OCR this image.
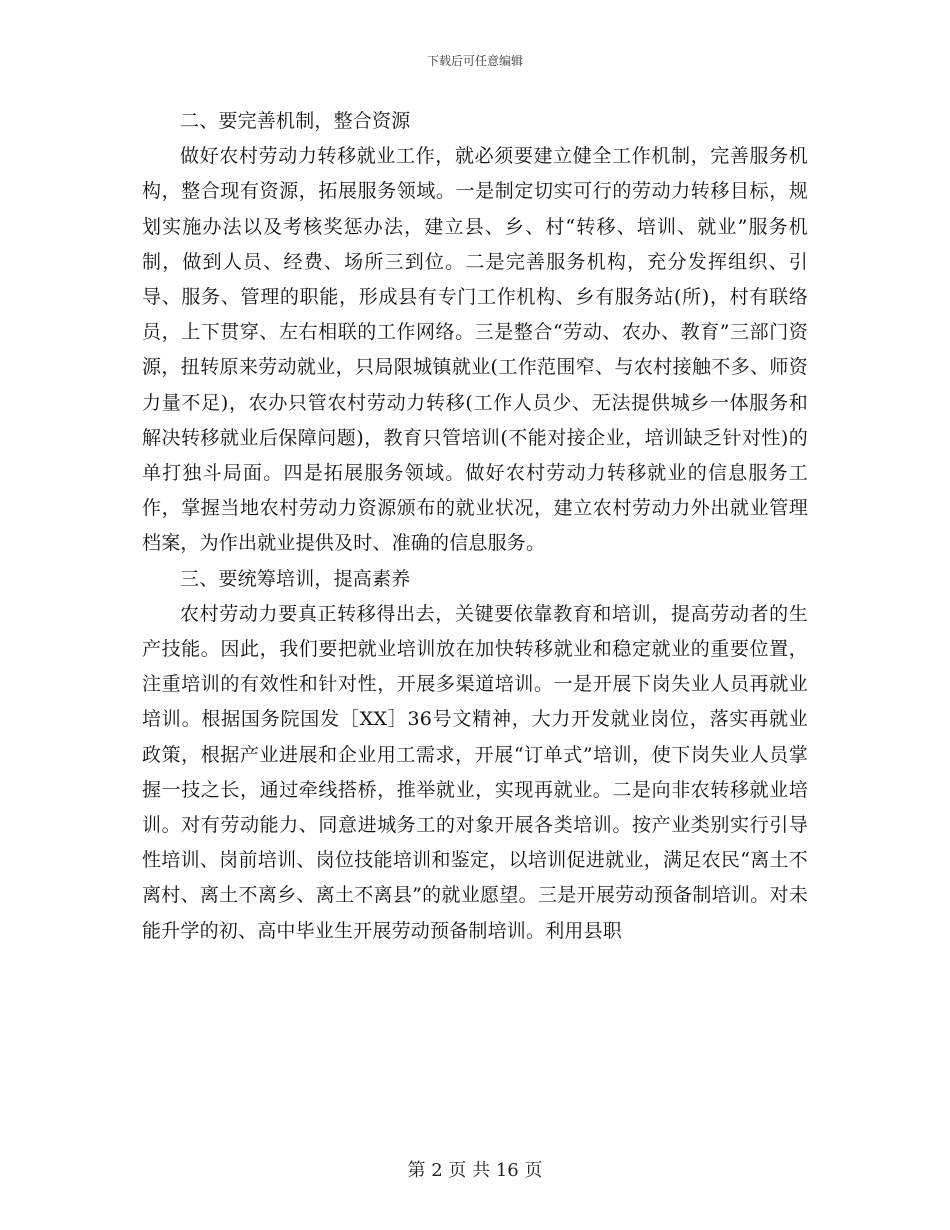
下载后可任意编辑

二、要完善机制，整合资源

做好农村劳动力转移就业工作，就必须要建立健全工作机制，完善服务机构，整合现有资源，拓展服务领域。一是制定切实可行的劳动力转移目标，规划实施办法以及考核奖惩办法，建立县、乡、村“转移、培训、就业”服务机制，做到人员、经费、场所三到位。二是完善服务机构，充分发挥组织、引导、服务、管理的职能，形成县有专门工作机构、乡有服务站(所)，村有联络员，上下贯穿、左右相联的工作网络。三是整合“劳动、农办、教育”三部门资源，扭转原来劳动就业，只局限城镇就业(工作范围窄、与农村接触不多、师资力量不足)，农办只管农村劳动力转移(工作人员少、无法提供城乡一体服务和解决转移就业后保障问题)，教育只管培训(不能对接企业，培训缺乏针对性)的单打独斗局面。四是拓展服务领域。做好农村劳动力转移就业的信息服务工作，掌握当地农村劳动力资源颁布的就业状况，建立农村劳动力外出就业管理档案，为作出就业提供及时、准确的信息服务。

三、要统筹培训，提高素养

农村劳动力要真正转移得出去，关键要依靠教育和培训，提高劳动者的生产技能。因此，我们要把就业培训放在加快转移就业和稳定就业的重要位置，注重培训的有效性和针对性，开展多渠道培训。一是开展下岗失业人员再就业培训。根据国务院国发［XX］36号文精神，大力开发就业岗位，落实再就业政策，根据产业进展和企业用工需求，开展“订单式”培训，使下岗失业人员掌握一技之长，通过牵线搭桥，推举就业，实现再就业。二是向非农转移就业培训。对有劳动能力、同意进城务工的对象开展各类培训。按产业类别实行引导性培训、岗前培训、岗位技能培训和鉴定，以培训促进就业，满足农民“离土不离村、离土不离乡、离土不离县”的就业愿望。三是开展劳动预备制培训。对未能升学的初、高中毕业生开展劳动预备制培训。利用县职

第 2 页 共 16 页
